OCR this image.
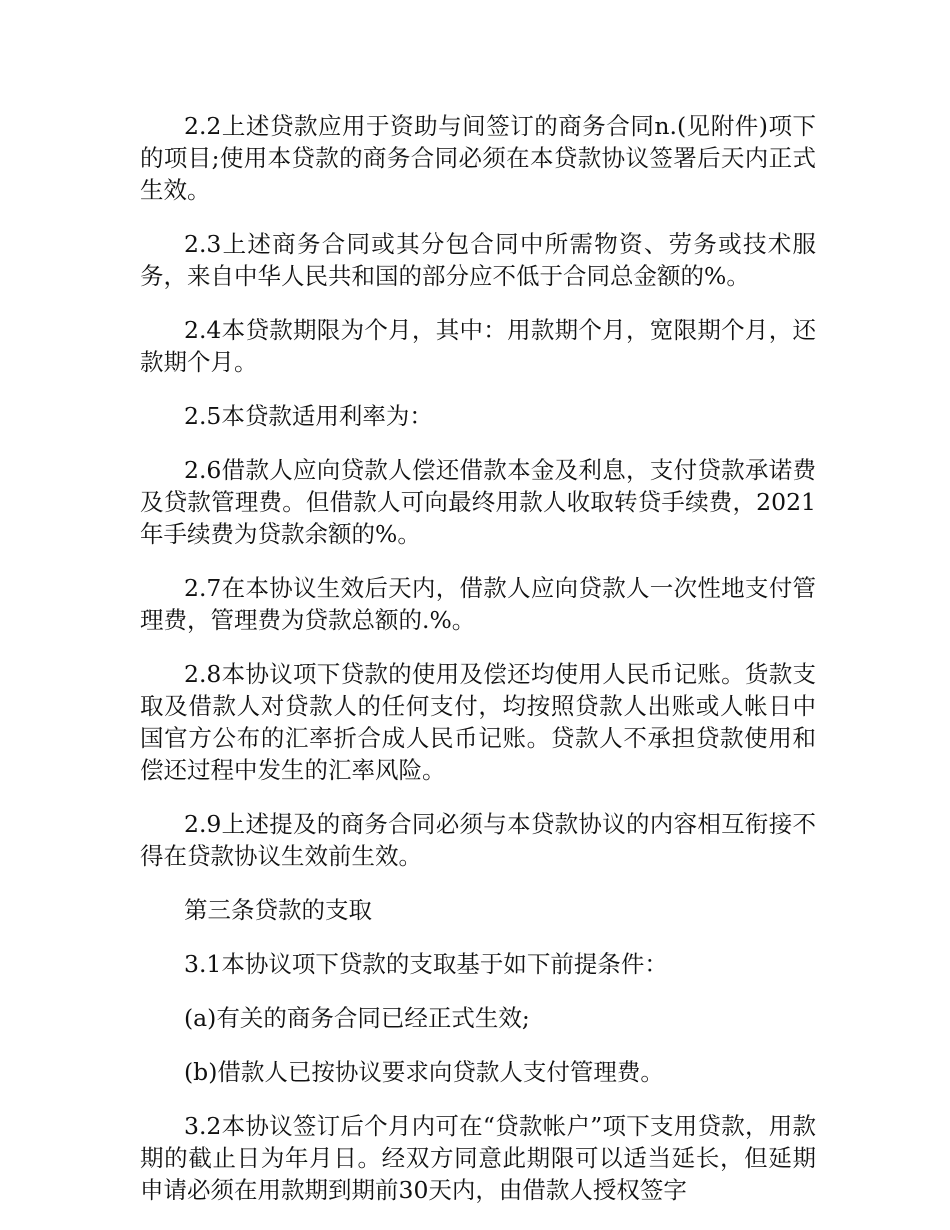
2.2上述贷款应用于资助与间签订的商务合同n.(见附件)项下的项目;使用本贷款的商务合同必须在本贷款协议签署后天内正式生效。

2.3上述商务合同或其分包合同中所需物资、劳务或技术服务，来自中华人民共和国的部分应不低于合同总金额的%。

2.4本贷款期限为个月，其中：用款期个月，宽限期个月，还款期个月。

2.5本贷款适用利率为：

2.6借款人应向贷款人偿还借款本金及利息，支付贷款承诺费及贷款管理费。但借款人可向最终用款人收取转贷手续费，2021年手续费为贷款余额的%。

2.7在本协议生效后天内，借款人应向贷款人一次性地支付管理费，管理费为贷款总额的.%。

2.8本协议项下贷款的使用及偿还均使用人民币记账。货款支取及借款人对贷款人的任何支付，均按照贷款人出账或人帐日中国官方公布的汇率折合成人民币记账。贷款人不承担贷款使用和偿还过程中发生的汇率风险。

2.9上述提及的商务合同必须与本贷款协议的内容相互衔接不得在贷款协议生效前生效。

第三条贷款的支取

3.1本协议项下贷款的支取基于如下前提条件：

(a)有关的商务合同已经正式生效;

(b)借款人已按协议要求向贷款人支付管理费。

3.2本协议签订后个月内可在“贷款帐户”项下支用贷款，用款期的截止日为年月日。经双方同意此期限可以适当延长，但延期申请必须在用款期到期前30天内，由借款人授权签字
